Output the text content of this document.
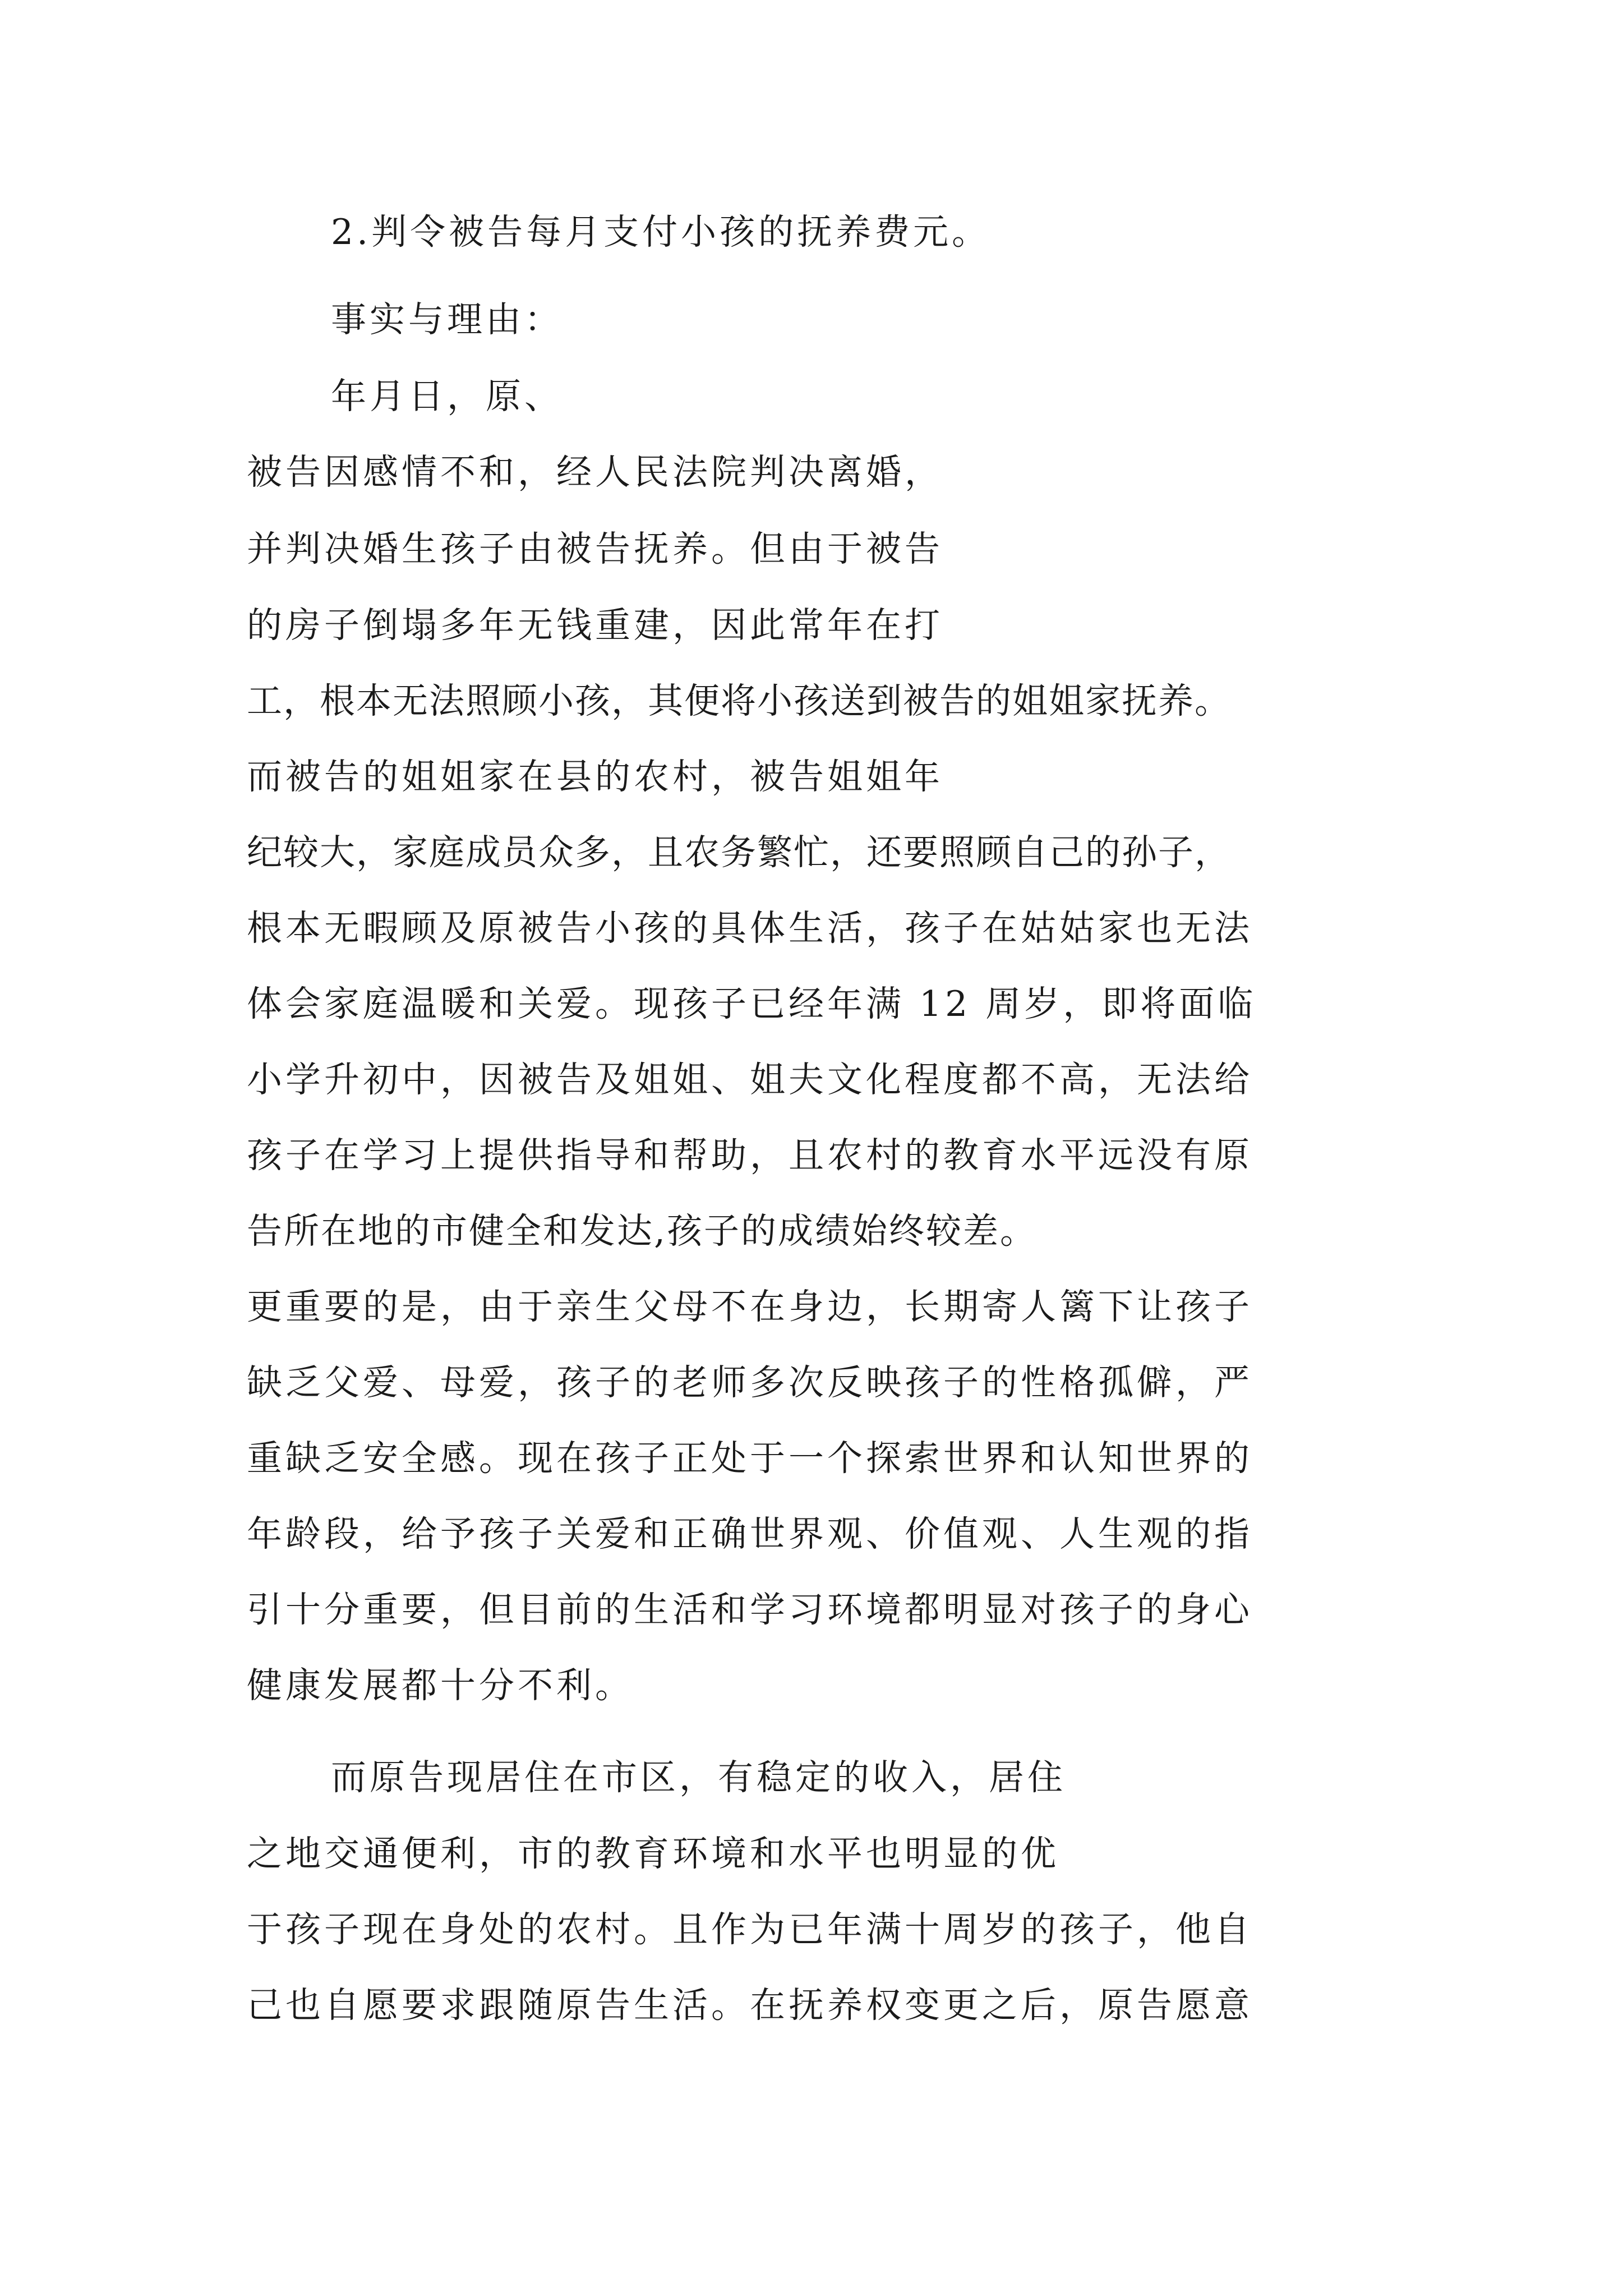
2.判令被告每月支付小孩的抚养费元。
事实与理由：
年月日，原、
被告因感情不和，经人民法院判决离婚，
并判决婚生孩子由被告抚养。但由于被告
的房子倒塌多年无钱重建，因此常年在打
工，根本无法照顾小孩，其便将小孩送到被告的姐姐家抚养。
而被告的姐姐家在县的农村，被告姐姐年
纪较大，家庭成员众多，且农务繁忙，还要照顾自己的孙子，
根本无暇顾及原被告小孩的具体生活，孩子在姑姑家也无法
体会家庭温暖和关爱。现孩子已经年满 12 周岁，即将面临
小学升初中，因被告及姐姐、姐夫文化程度都不高，无法给
孩子在学习上提供指导和帮助，且农村的教育水平远没有原
告所在地的市健全和发达,孩子的成绩始终较差。
更重要的是，由于亲生父母不在身边，长期寄人篱下让孩子
缺乏父爱、母爱，孩子的老师多次反映孩子的性格孤僻，严
重缺乏安全感。现在孩子正处于一个探索世界和认知世界的
年龄段，给予孩子关爱和正确世界观、价值观、人生观的指
引十分重要，但目前的生活和学习环境都明显对孩子的身心
健康发展都十分不利。
而原告现居住在市区，有稳定的收入，居住
之地交通便利，市的教育环境和水平也明显的优
于孩子现在身处的农村。且作为已年满十周岁的孩子，他自
己也自愿要求跟随原告生活。在抚养权变更之后，原告愿意
